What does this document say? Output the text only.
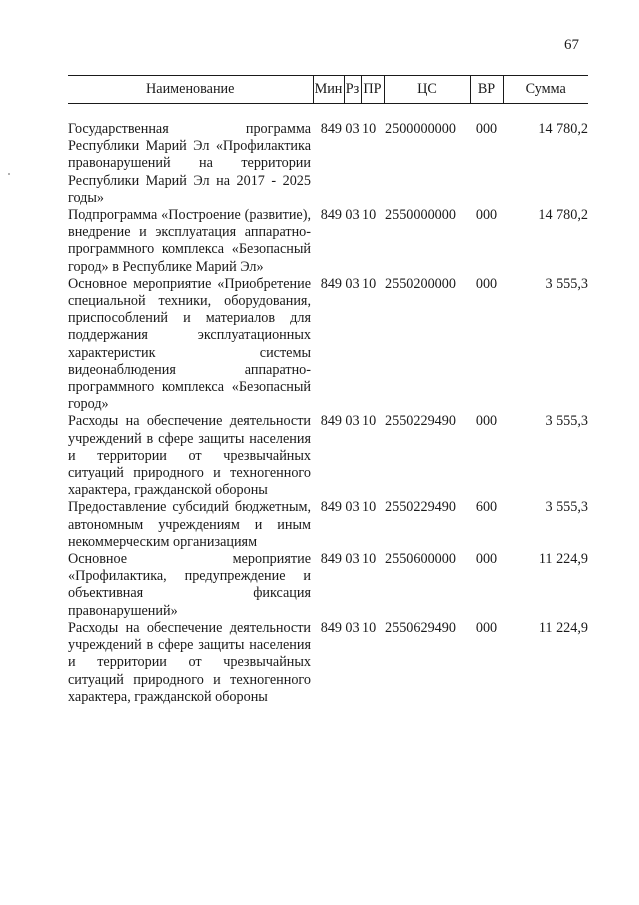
67
Наименование	Мин	Рз	ПР	ЦС	ВР	Сумма

Государственная программа Республики Марий Эл «Профилактика правонарушений на территории Республики Марий Эл на 2017 - 2025 годы»	849	03	10	2500000000	000	14 780,2
Подпрограмма «Построение (развитие), внедрение и эксплуатация аппаратно-программного комплекса «Безопасный город» в Республике Марий Эл»	849	03	10	2550000000	000	14 780,2
Основное мероприятие «Приобретение специальной техники, оборудования, приспособлений и материалов для поддержания эксплуатационных характеристик системы видеонаблюдения аппаратно-программного комплекса «Безопасный город»	849	03	10	2550200000	000	3 555,3
Расходы на обеспечение деятельности учреждений в сфере защиты населения и территории от чрезвычайных ситуаций природного и техногенного характера, гражданской обороны	849	03	10	2550229490	000	3 555,3
Предоставление субсидий бюджетным, автономным учреждениям и иным некоммерческим организациям	849	03	10	2550229490	600	3 555,3
Основное мероприятие «Профилактика, предупреждение и объективная фиксация правонарушений»	849	03	10	2550600000	000	11 224,9
Расходы на обеспечение деятельности учреждений в сфере защиты населения и территории от чрезвычайных ситуаций природного и техногенного характера, гражданской обороны	849	03	10	2550629490	000	11 224,9
